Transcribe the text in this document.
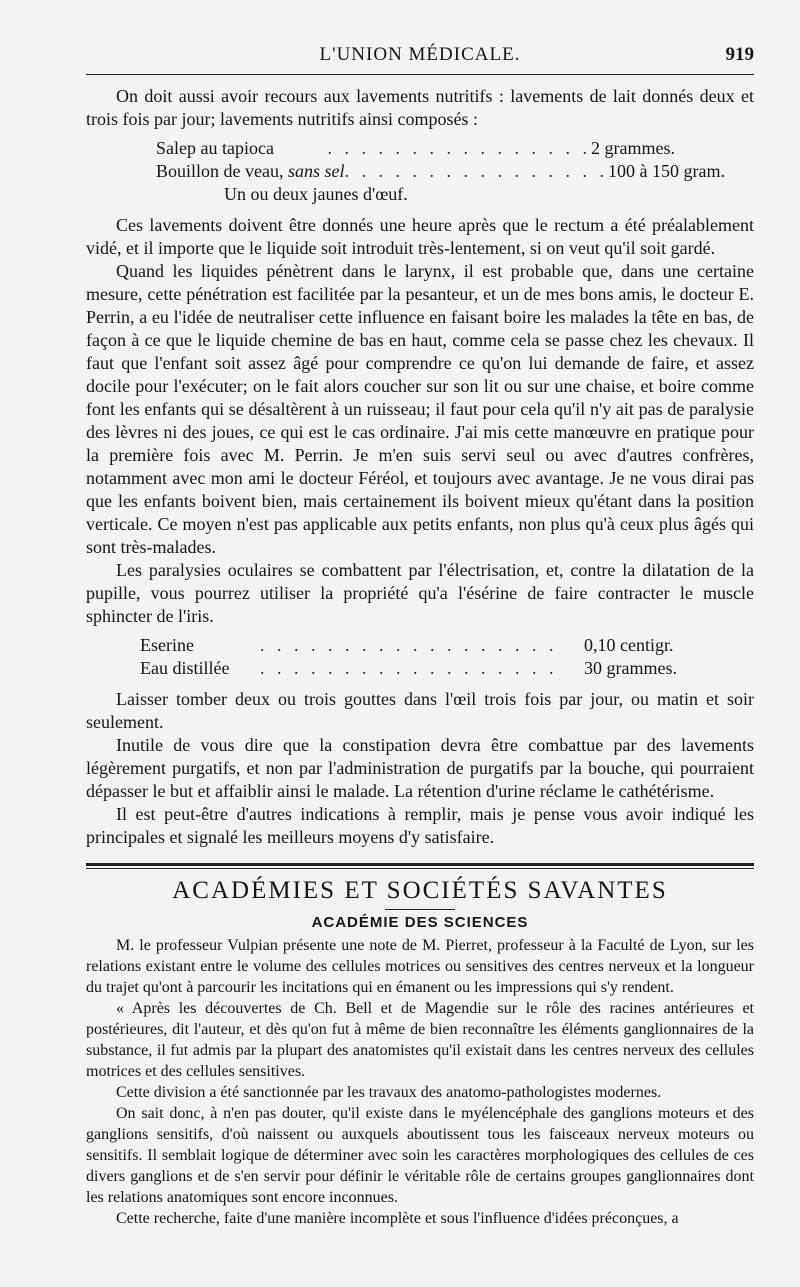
L'UNION MÉDICALE.	919

On doit aussi avoir recours aux lavements nutritifs : lavements de lait donnés deux et trois fois par jour; lavements nutritifs ainsi composés :

Salep au tapioca	. . . . . . . . . . . . . . . . 2 grammes.
Bouillon de veau, sans sel . . . . . . . . . . . . . . . . 100 à 150 gram.
Un ou deux jaunes d'œuf.

Ces lavements doivent être donnés une heure après que le rectum a été préalablement vidé, et il importe que le liquide soit introduit très-lentement, si on veut qu'il soit gardé.

Quand les liquides pénètrent dans le larynx, il est probable que, dans une certaine mesure, cette pénétration est facilitée par la pesanteur, et un de mes bons amis, le docteur E. Perrin, a eu l'idée de neutraliser cette influence en faisant boire les malades la tête en bas, de façon à ce que le liquide chemine de bas en haut, comme cela se passe chez les chevaux. Il faut que l'enfant soit assez âgé pour comprendre ce qu'on lui demande de faire, et assez docile pour l'exécuter; on le fait alors coucher sur son lit ou sur une chaise, et boire comme font les enfants qui se désaltèrent à un ruisseau; il faut pour cela qu'il n'y ait pas de paralysie des lèvres ni des joues, ce qui est le cas ordinaire. J'ai mis cette manœuvre en pratique pour la première fois avec M. Perrin. Je m'en suis servi seul ou avec d'autres confrères, notamment avec mon ami le docteur Féréol, et toujours avec avantage. Je ne vous dirai pas que les enfants boivent bien, mais certainement ils boivent mieux qu'étant dans la position verticale. Ce moyen n'est pas applicable aux petits enfants, non plus qu'à ceux plus âgés qui sont très-malades.

Les paralysies oculaires se combattent par l'électrisation, et, contre la dilatation de la pupille, vous pourrez utiliser la propriété qu'a l'ésérine de faire contracter le muscle sphincter de l'iris.

Eserine	. . . . . . . . . . . . . . . . . .	0,10 centigr.
Eau distillée	. . . . . . . . . . . . . . . . . .	30 grammes.

Laisser tomber deux ou trois gouttes dans l'œil trois fois par jour, ou matin et soir seulement.

Inutile de vous dire que la constipation devra être combattue par des lavements légèrement purgatifs, et non par l'administration de purgatifs par la bouche, qui pourraient dépasser le but et affaiblir ainsi le malade. La rétention d'urine réclame le cathétérisme.

Il est peut-être d'autres indications à remplir, mais je pense vous avoir indiqué les principales et signalé les meilleurs moyens d'y satisfaire.

ACADÉMIES ET SOCIÉTÉS SAVANTES
ACADÉMIE DES SCIENCES

M. le professeur Vulpian présente une note de M. Pierret, professeur à la Faculté de Lyon, sur les relations existant entre le volume des cellules motrices ou sensitives des centres nerveux et la longueur du trajet qu'ont à parcourir les incitations qui en émanent ou les impressions qui s'y rendent.

« Après les découvertes de Ch. Bell et de Magendie sur le rôle des racines antérieures et postérieures, dit l'auteur, et dès qu'on fut à même de bien reconnaître les éléments ganglionnaires de la substance, il fut admis par la plupart des anatomistes qu'il existait dans les centres nerveux des cellules motrices et des cellules sensitives.

Cette division a été sanctionnée par les travaux des anatomo-pathologistes modernes.

On sait donc, à n'en pas douter, qu'il existe dans le myélencéphale des ganglions moteurs et des ganglions sensitifs, d'où naissent ou auxquels aboutissent tous les faisceaux nerveux moteurs ou sensitifs. Il semblait logique de déterminer avec soin les caractères morphologiques des cellules de ces divers ganglions et de s'en servir pour définir le véritable rôle de certains groupes ganglionnaires dont les relations anatomiques sont encore inconnues.

Cette recherche, faite d'une manière incomplète et sous l'influence d'idées préconçues, a
